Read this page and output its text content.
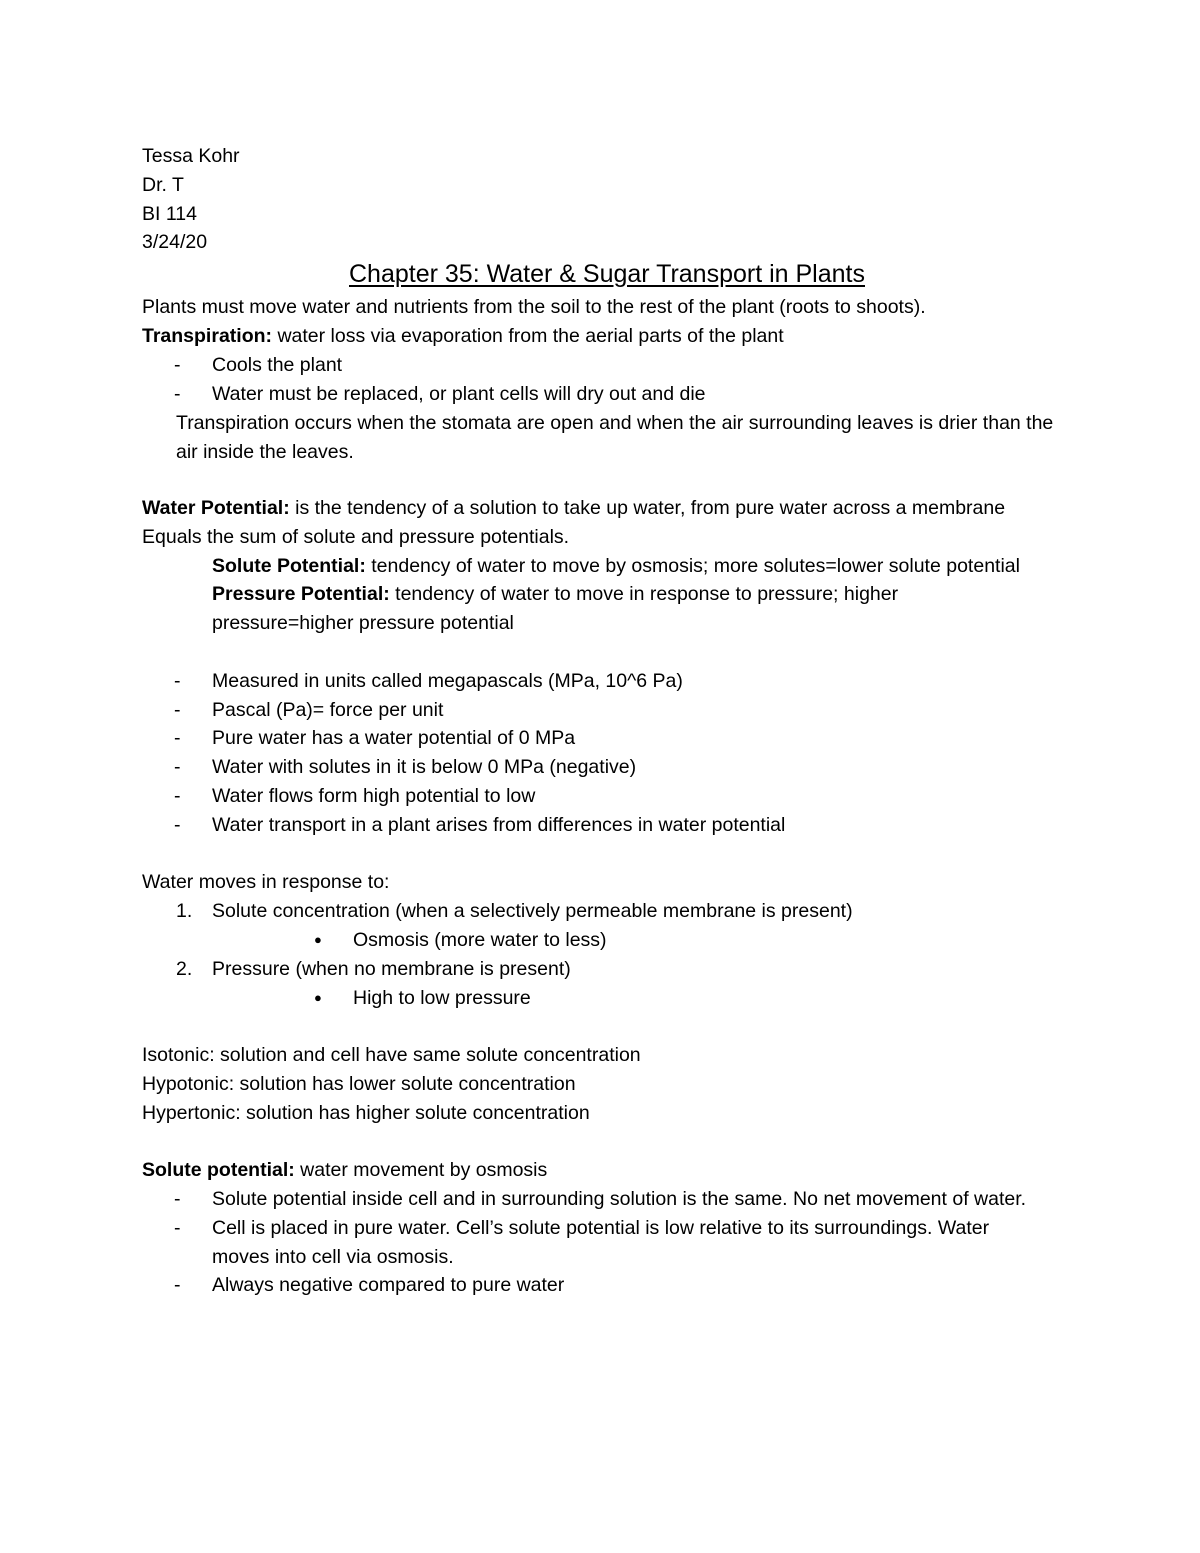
Tessa Kohr

Dr. T

BI 114

3/24/20

Chapter 35: Water & Sugar Transport in Plants

Plants must move water and nutrients from the soil to the rest of the plant (roots to shoots).

Transpiration: water loss via evaporation from the aerial parts of the plant

- Cools the plant
- Water must be replaced, or plant cells will dry out and die

Transpiration occurs when the stomata are open and when the air surrounding leaves is drier than the air inside the leaves.

Water Potential: is the tendency of a solution to take up water, from pure water across a membrane

Equals the sum of solute and pressure potentials.

Solute Potential: tendency of water to move by osmosis; more solutes=lower solute potential

Pressure Potential: tendency of water to move in response to pressure; higher pressure=higher pressure potential

- Measured in units called megapascals (MPa, 10^6 Pa)
- Pascal (Pa)= force per unit
- Pure water has a water potential of 0 MPa
- Water with solutes in it is below 0 MPa (negative)
- Water flows form high potential to low
- Water transport in a plant arises from differences in water potential

Water moves in response to:

1. Solute concentration (when a selectively permeable membrane is present)
● Osmosis (more water to less)
2. Pressure (when no membrane is present)
● High to low pressure

Isotonic: solution and cell have same solute concentration

Hypotonic: solution has lower solute concentration

Hypertonic: solution has higher solute concentration

Solute potential: water movement by osmosis

- Solute potential inside cell and in surrounding solution is the same. No net movement of water.
- Cell is placed in pure water. Cell’s solute potential is low relative to its surroundings. Water moves into cell via osmosis.
- Always negative compared to pure water
